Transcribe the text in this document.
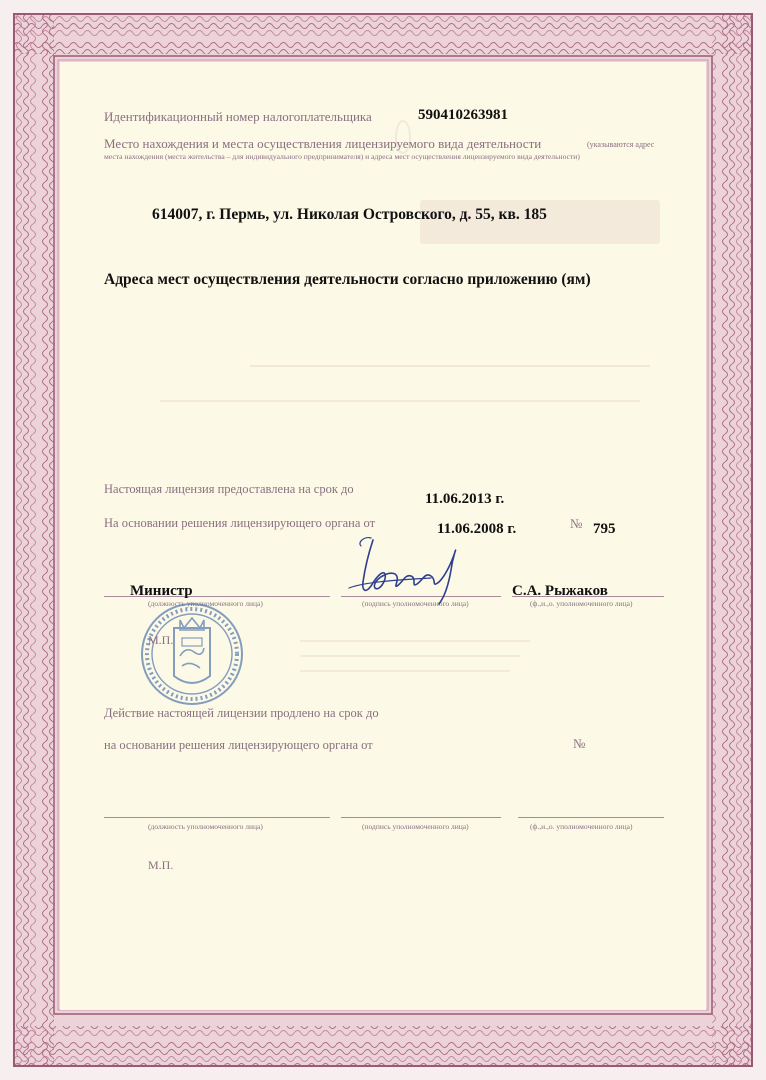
Идентификационный номер налогоплательщика	590410263981
Место нахождения и места осуществления лицензируемого вида деятельности	(указываются адрес
места нахождения (места жительства – для индивидуального предпринимателя) и адреса мест осуществления лицензируемого вида деятельности)
614007, г. Пермь, ул. Николая Островского, д. 55, кв. 185
Адреса мест осуществления деятельности согласно приложению (ям)
Настоящая лицензия предоставлена на срок до
11.06.2013 г.
На основании решения лицензирующего органа от	11.06.2008 г.	№ 795
Министр	С.А. Рыжаков
(должность уполномоченного лица)	(подпись уполномоченного лица)	(ф.,и.,о. уполномоченного лица)
М.П.
Действие настоящей лицензии продлено на срок до
на основании решения лицензирующего органа от	№
(должность уполномоченного лица)	(подпись уполномоченного лица)	(ф.,и.,о. уполномоченного лица)
М.П.
